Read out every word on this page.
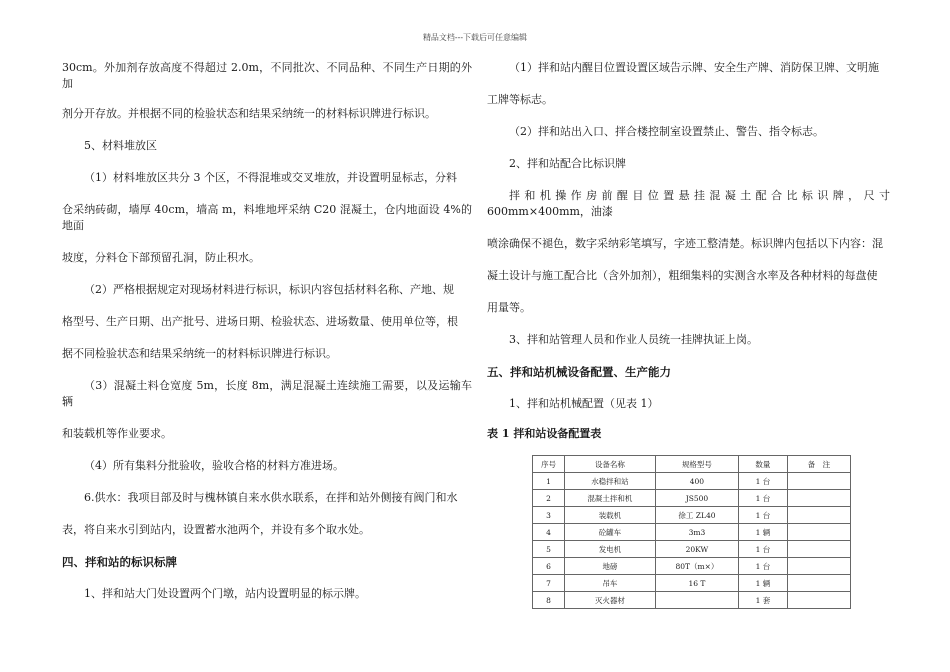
精品文档---下载后可任意编辑

30cm。外加剂存放高度不得超过 2.0m，不同批次、不同品种、不同生产日期的外加

剂分开存放。并根据不同的检验状态和结果采纳统一的材料标识牌进行标识。

5、材料堆放区

（1）材料堆放区共分 3 个区，不得混堆或交叉堆放，并设置明显标志，分料

仓采纳砖砌，墙厚 40cm，墙高 m，料堆地坪采纳 C20 混凝土，仓内地面设 4%的地面

坡度，分料仓下部预留孔洞，防止积水。

（2）严格根据规定对现场材料进行标识，标识内容包括材料名称、产地、规

格型号、生产日期、出产批号、进场日期、检验状态、进场数量、使用单位等，根

据不同检验状态和结果采纳统一的材料标识牌进行标识。

（3）混凝土料仓宽度 5m，长度 8m，满足混凝土连续施工需要，以及运输车辆

和装载机等作业要求。

（4）所有集料分批验收，验收合格的材料方准进场。

6.供水：我项目部及时与槐林镇自来水供水联系，在拌和站外侧接有阀门和水

表，将自来水引到站内，设置蓄水池两个，并设有多个取水处。

四、拌和站的标识标牌

1、拌和站大门处设置两个门墩，站内设置明显的标示牌。

（1）拌和站内醒目位置设置区域告示牌、安全生产牌、消防保卫牌、文明施

工牌等标志。

（2）拌和站出入口、拌合楼控制室设置禁止、警告、指令标志。

2、拌和站配合比标识牌

拌和机操作房前醒目位置悬挂混凝土配合比标识牌，尺寸 600mm×400mm，油漆

喷涂确保不褪色，数字采纳彩笔填写，字迹工整清楚。标识牌内包括以下内容：混

凝土设计与施工配合比（含外加剂），粗细集料的实测含水率及各种材料的每盘使

用量等。

3、拌和站管理人员和作业人员统一挂牌执证上岗。

五、拌和站机械设备配置、生产能力

1、拌和站机械配置（见表 1）

表 1 拌和站设备配置表

序号	设备名称	规格型号	数量	备　注
1	水稳拌和站	400	1 台	
2	混凝土拌和机	JS500	1 台	
3	装载机	徐工 ZL40	1 台	
4	砼罐车	3m3	1 辆	
5	发电机	20KW	1 台	
6	地磅	80T（m×）	1 台	
7	吊车	16 T	1 辆	
8	灭火器材		1 套	
